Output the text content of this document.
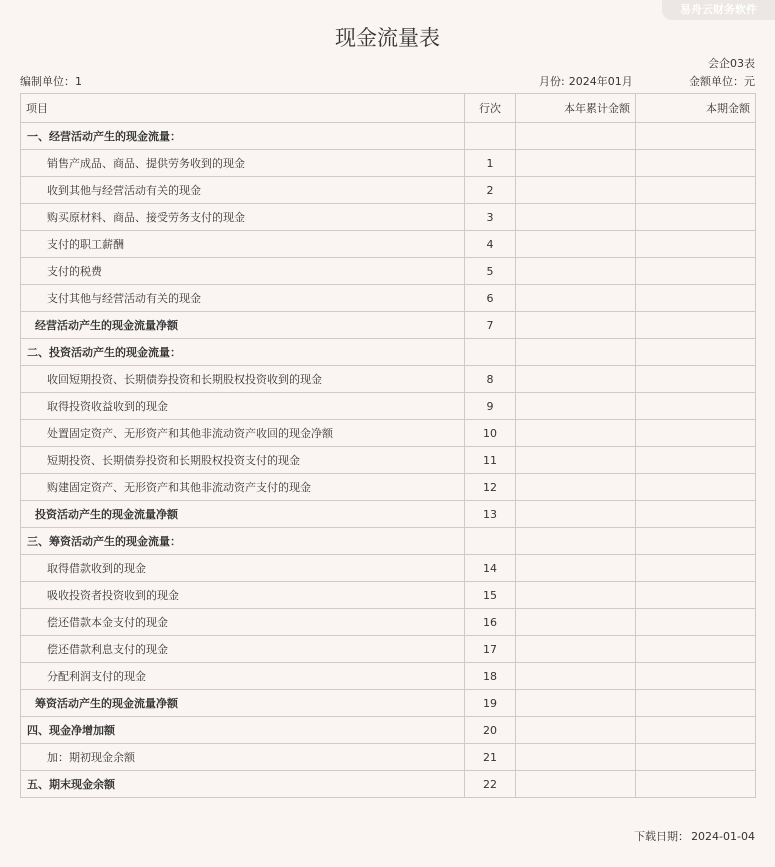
易舟云财务软件
现金流量表
会企03表
编制单位：1	月份: 2024年01月	金额单位：元
项目	行次	本年累计金额	本期金额
一、经营活动产生的现金流量：			
销售产成品、商品、提供劳务收到的现金	1		
收到其他与经营活动有关的现金	2		
购买原材料、商品、接受劳务支付的现金	3		
支付的职工薪酬	4		
支付的税费	5		
支付其他与经营活动有关的现金	6		
经营活动产生的现金流量净额	7		
二、投资活动产生的现金流量：			
收回短期投资、长期债券投资和长期股权投资收到的现金	8		
取得投资收益收到的现金	9		
处置固定资产、无形资产和其他非流动资产收回的现金净额	10		
短期投资、长期债券投资和长期股权投资支付的现金	11		
购建固定资产、无形资产和其他非流动资产支付的现金	12		
投资活动产生的现金流量净额	13		
三、筹资活动产生的现金流量：			
取得借款收到的现金	14		
吸收投资者投资收到的现金	15		
偿还借款本金支付的现金	16		
偿还借款利息支付的现金	17		
分配利润支付的现金	18		
筹资活动产生的现金流量净额	19		
四、现金净增加额	20		
加：期初现金余额	21		
五、期末现金余额	22		
下载日期： 2024-01-04
